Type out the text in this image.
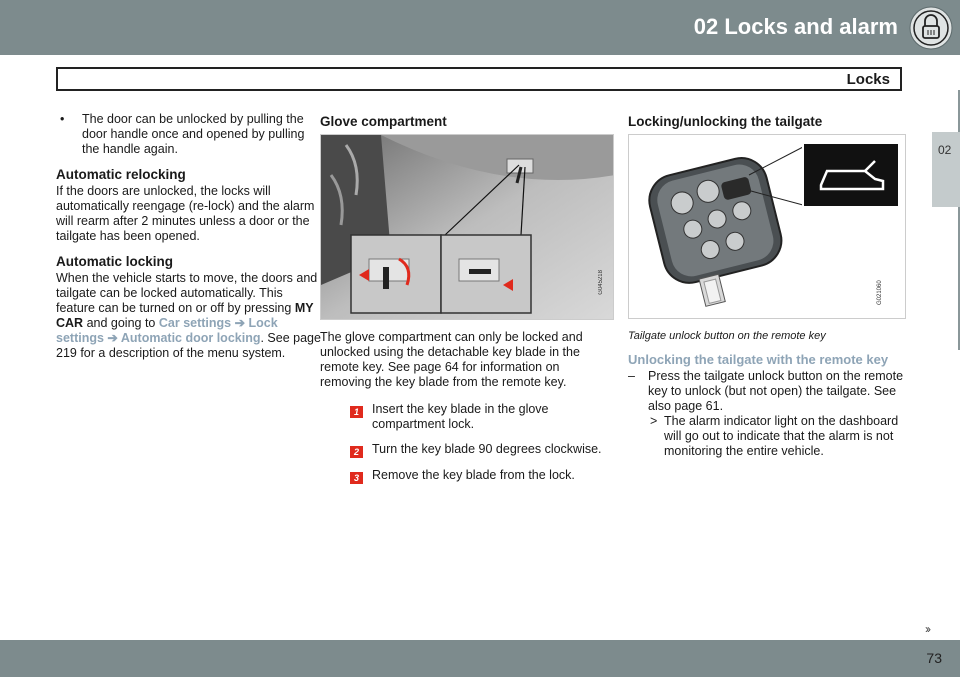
02 Locks and alarm
Locks
02
•	The door can be unlocked by pulling the door handle once and opened by pulling the handle again.
Automatic relocking

If the doors are unlocked, the locks will automatically reengage (re-lock) and the alarm will rearm after 2 minutes unless a door or the tailgate has been opened.

Automatic locking

When the vehicle starts to move, the doors and tailgate can be locked automatically. This feature can be turned on or off by pressing MY CAR and going to Car settings ➔ Lock settings ➔ Automatic door locking. See page 219 for a description of the menu system.

Glove compartment
G045218

The glove compartment can only be locked and unlocked using the detachable key blade in the remote key. See page 64 for information on removing the key blade from the remote key.

1	Insert the key blade in the glove compartment lock.
2	Turn the key blade 90 degrees clockwise.
3	Remove the key blade from the lock.
Locking/unlocking the tailgate
G021060
Tailgate unlock button on the remote key
Unlocking the tailgate with the remote key
–	Press the tailgate unlock button on the remote key to unlock (but not open) the tailgate. See also page 61.
> The alarm indicator light on the dashboard will go out to indicate that the alarm is not monitoring the entire vehicle.
››
73
